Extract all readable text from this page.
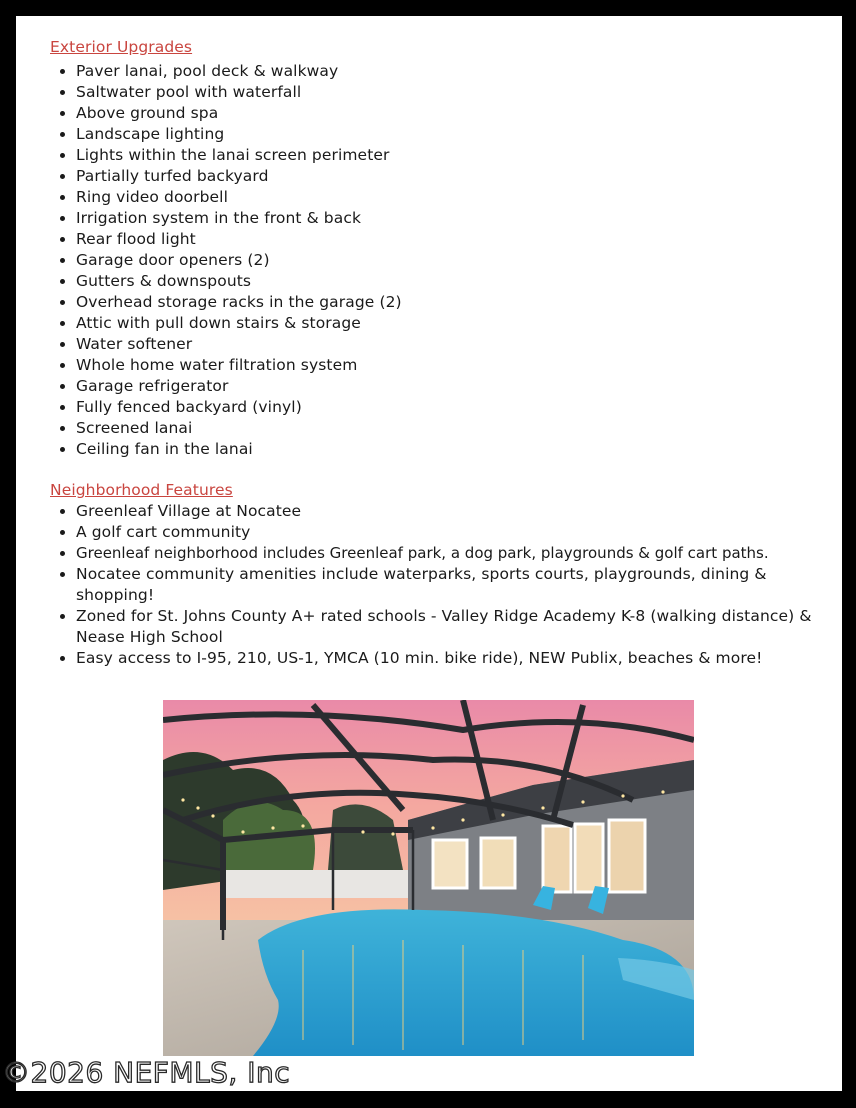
Exterior Upgrades
• Paver lanai, pool deck & walkway
• Saltwater pool with waterfall
• Above ground spa
• Landscape lighting
• Lights within the lanai screen perimeter
• Partially turfed backyard
• Ring video doorbell
• Irrigation system in the front & back
• Rear flood light
• Garage door openers (2)
• Gutters & downspouts
• Overhead storage racks in the garage (2)
• Attic with pull down stairs & storage
• Water softener
• Whole home water filtration system
• Garage refrigerator
• Fully fenced backyard (vinyl)
• Screened lanai
• Ceiling fan in the lanai
Neighborhood Features
• Greenleaf Village at Nocatee
• A golf cart community
• Greenleaf neighborhood includes Greenleaf park, a dog park, playgrounds & golf cart paths.
• Nocatee community amenities include waterparks, sports courts, playgrounds, dining & shopping!
• Zoned for St. Johns County A+ rated schools - Valley Ridge Academy K-8 (walking distance) & Nease High School
• Easy access to I-95, 210, US-1, YMCA (10 min. bike ride), NEW Publix, beaches & more!
©2026 NEFMLS, Inc
